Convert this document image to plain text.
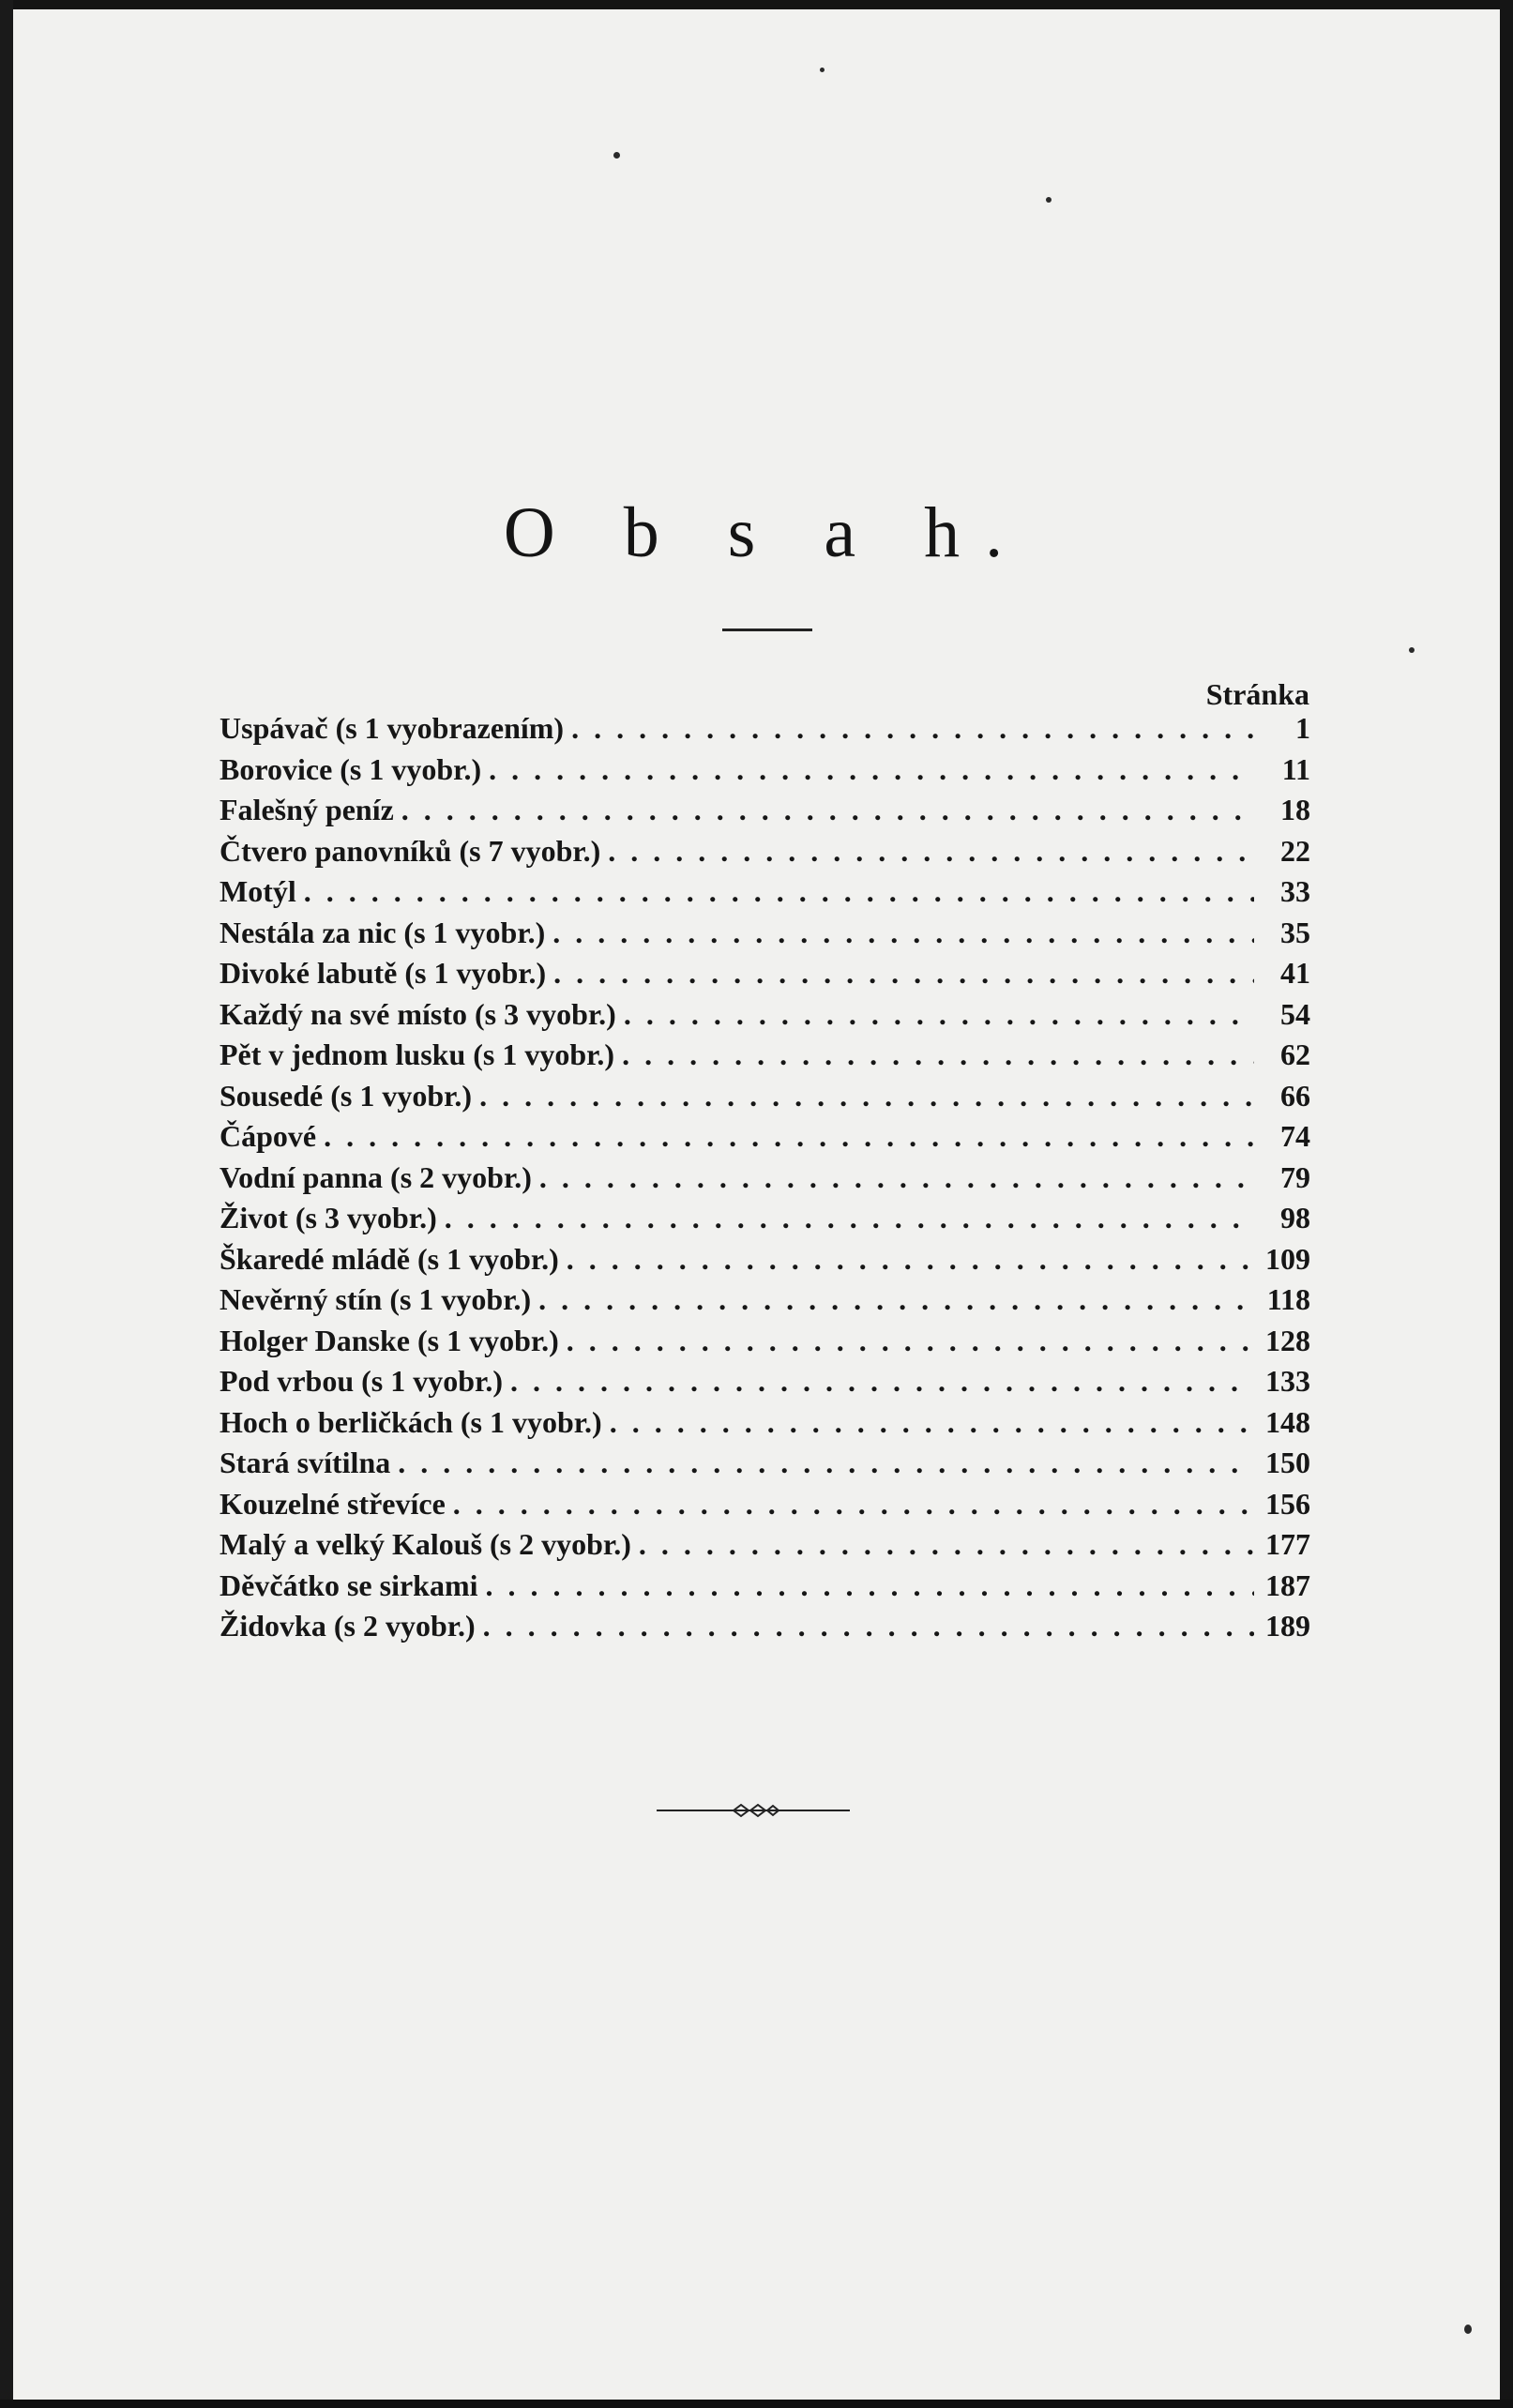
O b s a h.
Stránka
Uspávač (s 1 vyobrazením) . . .	1
Borovice (s 1 vyobr.) . . .	11
Falešný peníz . . .	18
Čtvero panovníků (s 7 vyobr.) . . .	22
Motýl . . .	33
Nestála za nic (s 1 vyobr.) . . .	35
Divoké labutě (s 1 vyobr.) . . .	41
Každý na své místo (s 3 vyobr.) . . .	54
Pět v jednom lusku (s 1 vyobr.) . . .	62
Sousedé (s 1 vyobr.) . . .	66
Čápové . . .	74
Vodní panna (s 2 vyobr.) . . .	79
Život (s 3 vyobr.) . . .	98
Škaredé mládě (s 1 vyobr.) . . .	109
Nevěrný stín (s 1 vyobr.) . . .	118
Holger Danske (s 1 vyobr.) . . .	128
Pod vrbou (s 1 vyobr.) . . .	133
Hoch o berličkách (s 1 vyobr.) . . .	148
Stará svítilna . . .	150
Kouzelné střevíce . . .	156
Malý a velký Kalouš (s 2 vyobr.) . . .	177
Děvčátko se sirkami . . .	187
Židovka (s 2 vyobr.) . . .	189
